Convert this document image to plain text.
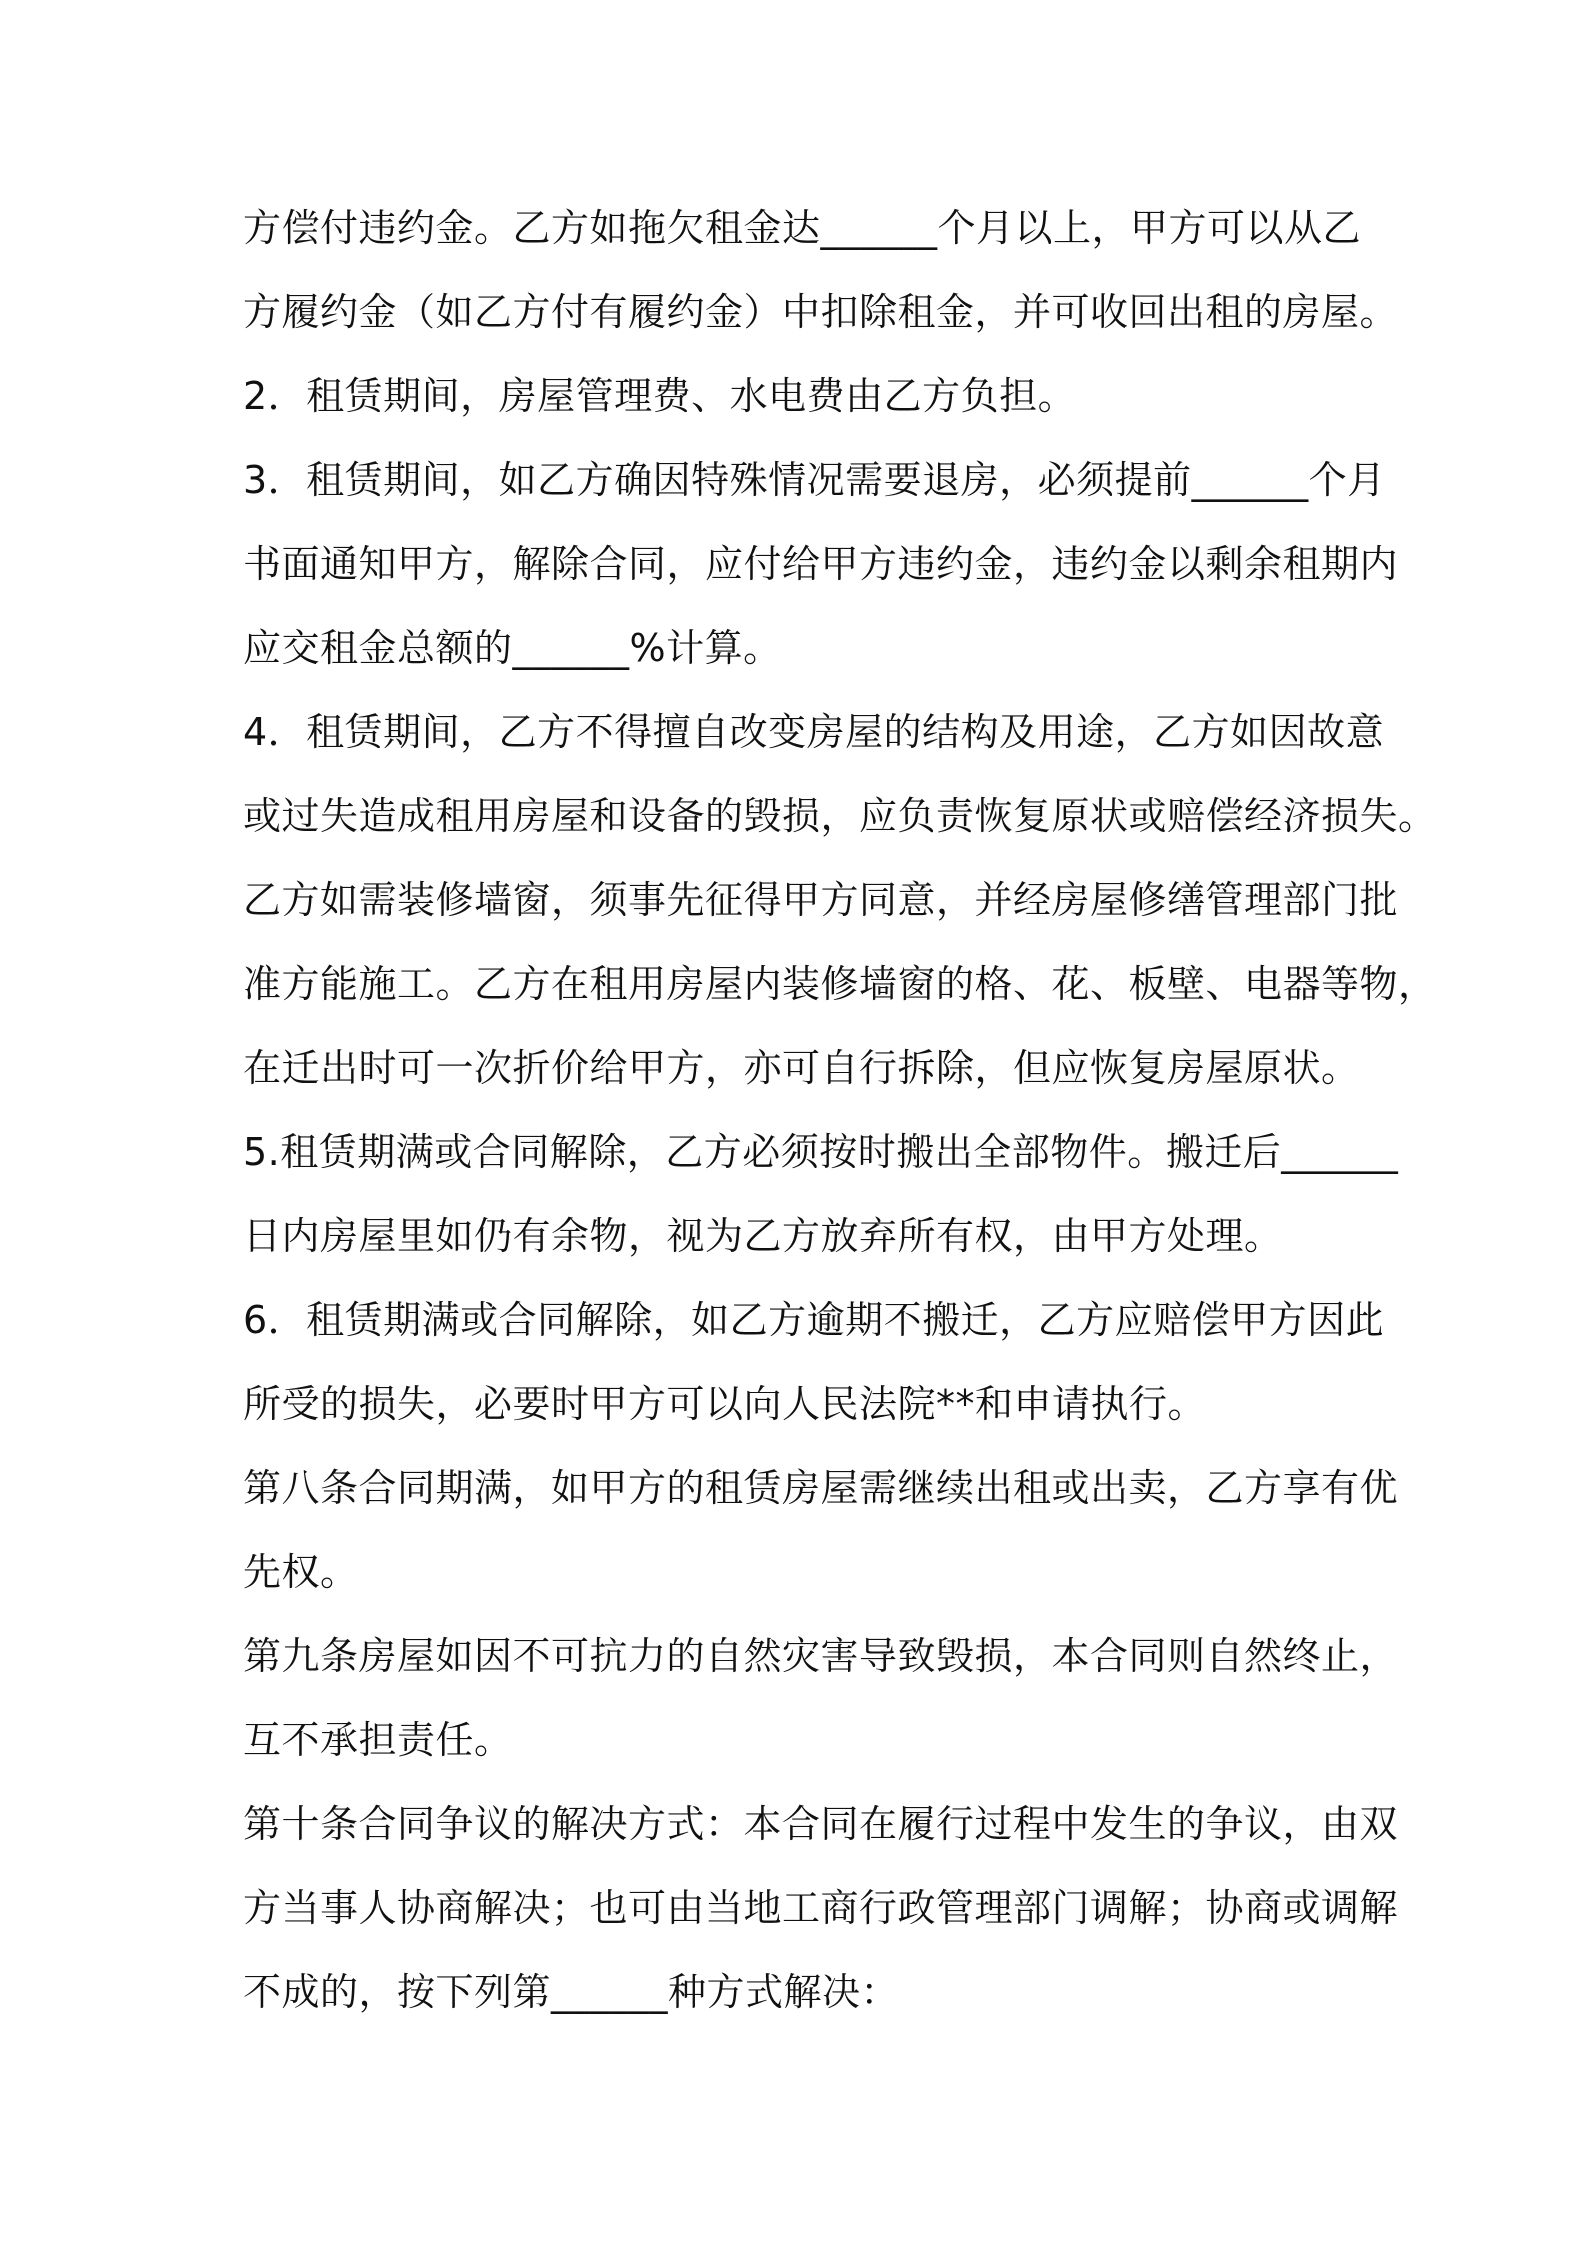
方偿付违约金。乙方如拖欠租金达______个月以上，甲方可以从乙
方履约金（如乙方付有履约金）中扣除租金，并可收回出租的房屋。
2．租赁期间，房屋管理费、水电费由乙方负担。
3．租赁期间，如乙方确因特殊情况需要退房，必须提前______个月
书面通知甲方，解除合同，应付给甲方违约金，违约金以剩余租期内
应交租金总额的______%计算。
4．租赁期间，乙方不得擅自改变房屋的结构及用途，乙方如因故意
或过失造成租用房屋和设备的毁损，应负责恢复原状或赔偿经济损失。
乙方如需装修墙窗，须事先征得甲方同意，并经房屋修缮管理部门批
准方能施工。乙方在租用房屋内装修墙窗的格、花、板壁、电器等物，
在迁出时可一次折价给甲方，亦可自行拆除，但应恢复房屋原状。
5.租赁期满或合同解除，乙方必须按时搬出全部物件。搬迁后______
日内房屋里如仍有余物，视为乙方放弃所有权，由甲方处理。
6．租赁期满或合同解除，如乙方逾期不搬迁，乙方应赔偿甲方因此
所受的损失，必要时甲方可以向人民法院**和申请执行。
第八条合同期满，如甲方的租赁房屋需继续出租或出卖，乙方享有优
先权。
第九条房屋如因不可抗力的自然灾害导致毁损，本合同则自然终止，
互不承担责任。
第十条合同争议的解决方式：本合同在履行过程中发生的争议，由双
方当事人协商解决；也可由当地工商行政管理部门调解；协商或调解
不成的，按下列第______种方式解决：
